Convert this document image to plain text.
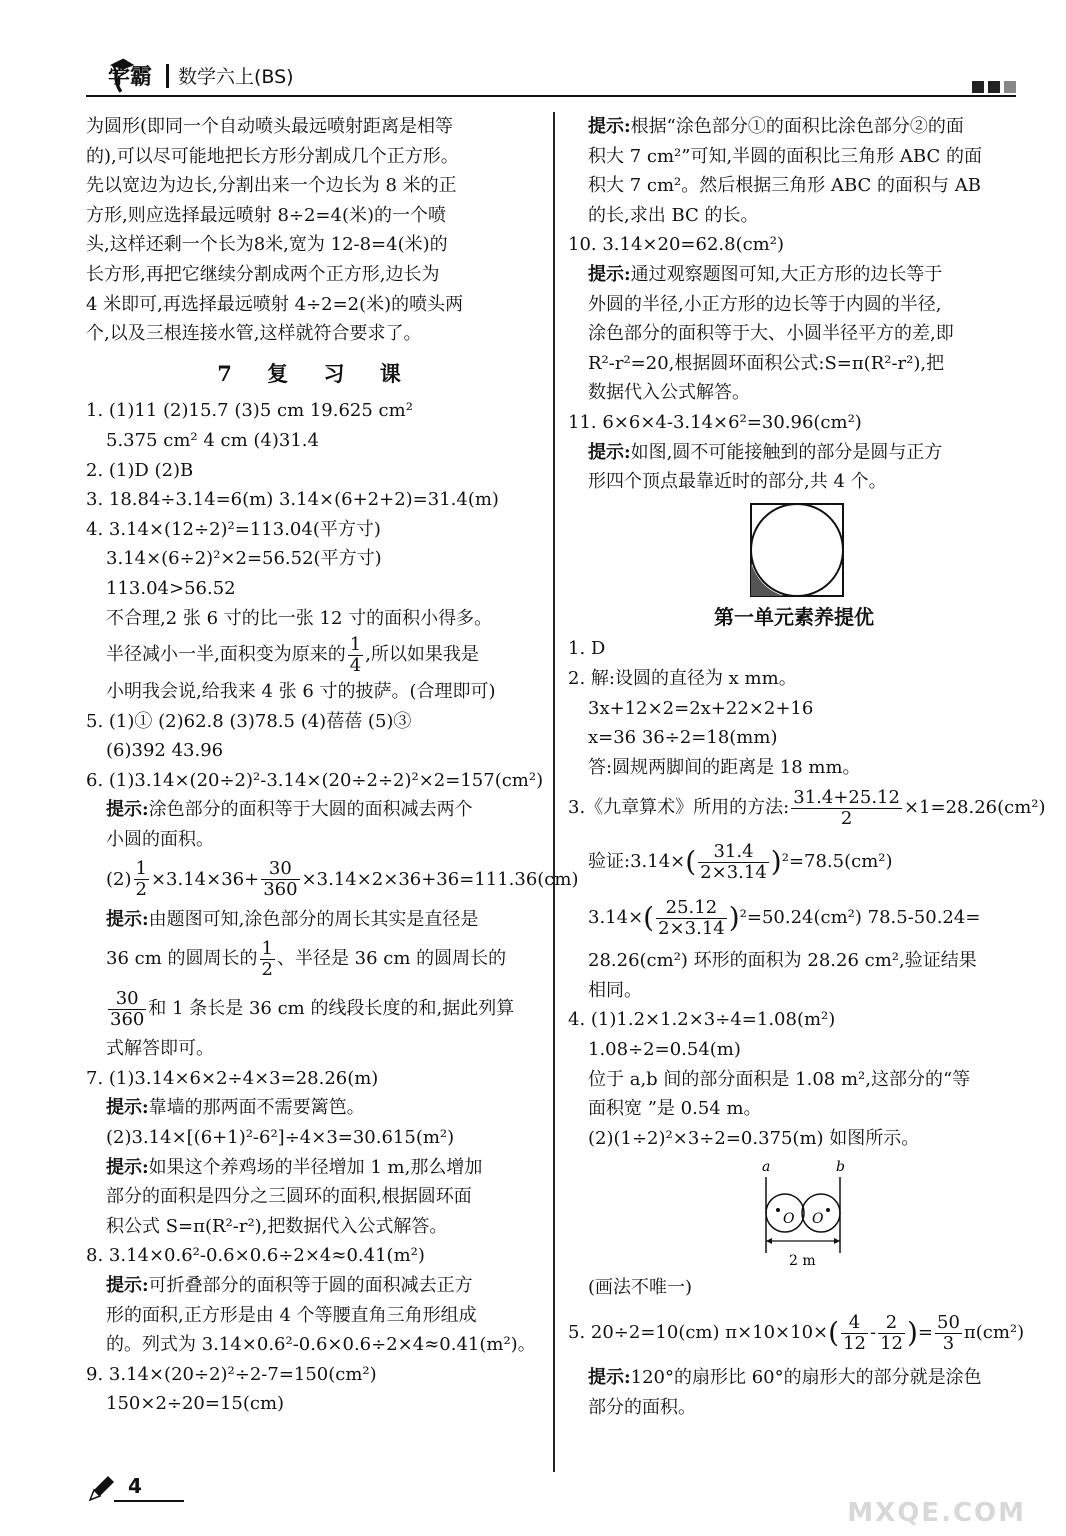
学霸 数学六上(BS)
为圆形(即同一个自动喷头最远喷射距离是相等
的),可以尽可能地把长方形分割成几个正方形。
先以宽边为边长,分割出来一个边长为 8 米的正
方形,则应选择最远喷射 8÷2=4(米)的一个喷
头,这样还剩一个长为8米,宽为 12-8=4(米)的
长方形,再把它继续分割成两个正方形,边长为
4 米即可,再选择最远喷射 4÷2=2(米)的喷头两
个,以及三根连接水管,这样就符合要求了。
7 复 习 课
1. (1)11 (2)15.7 (3)5 cm 19.625 cm²
5.375 cm² 4 cm (4)31.4
2. (1)D (2)B
3. 18.84÷3.14=6(m) 3.14×(6+2+2)=31.4(m)
4. 3.14×(12÷2)²=113.04(平方寸)
3.14×(6÷2)²×2=56.52(平方寸)
113.04>56.52
不合理,2 张 6 寸的比一张 12 寸的面积小得多。
半径减小一半,面积变为原来的 $\frac{1}{4}$ ,所以如果我是
小明我会说,给我来 4 张 6 寸的披萨。(合理即可)
5. (1)① (2)62.8 (3)78.5 (4)蓓蓓 (5)③
(6)392 43.96
6. (1)3.14×(20÷2)²-3.14×(20÷2÷2)²×2=157(cm²)
提示:涂色部分的面积等于大圆的面积减去两个
小圆的面积。
$(2) \frac{1}{2} \times 3.14\times 36+ \frac{30}{360} \times 3.14\times 2\times 36+36=111.36(cm)$
提示:由题图可知,涂色部分的周长其实是直径是
36 cm 的圆周长的 $\frac{1}{2}$ 、半径是 36 cm 的圆周长的
$\frac{30}{360}$ 和 1 条长是 36 cm 的线段长度的和,据此列算
式解答即可。
7. (1)3.14×6×2÷4×3=28.26(m)
提示:靠墙的那两面不需要篱笆。
(2)3.14×[(6+1)²-6²]÷4×3=30.615(m²)
提示:如果这个养鸡场的半径增加 1 m,那么增加
部分的面积是四分之三圆环的面积,根据圆环面
积公式 S=π(R²-r²),把数据代入公式解答。
8. 3.14×0.6²-0.6×0.6÷2×4≈0.41(m²)
提示:可折叠部分的面积等于圆的面积减去正方
形的面积,正方形是由 4 个等腰直角三角形组成
的。列式为 3.14×0.6²-0.6×0.6÷2×4≈0.41(m²)。
9. 3.14×(20÷2)²÷2-7=150(cm²)
150×2÷20=15(cm)
提示:根据“涂色部分①的面积比涂色部分②的面
积大 7 cm²”可知,半圆的面积比三角形 ABC 的面
积大 7 cm²。然后根据三角形 ABC 的面积与 AB
的长,求出 BC 的长。
10. 3.14×20=62.8(cm²)
提示:通过观察题图可知,大正方形的边长等于
外圆的半径,小正方形的边长等于内圆的半径,
涂色部分的面积等于大、小圆半径平方的差,即
R²-r²=20,根据圆环面积公式:S=π(R²-r²),把
数据代入公式解答。
11. 6×6×4-3.14×6²=30.96(cm²)
提示:如图,圆不可能接触到的部分是圆与正方
形四个顶点最靠近时的部分,共 4 个。
第一单元素养提优
1. D
2. 解:设圆的直径为 x mm。
3x+12×2=2x+22×2+16
x=36 36÷2=18(mm)
答:圆规两脚间的距离是 18 mm。
3.《九章算术》所用的方法: $\frac{31.4+25.12}{2} \times 1=28.26(cm^2)$
验证:3.14×( $\frac{31.4}{2\times 3.14} )^2=78.5(cm^2)$
$3.14\times( \frac{25.12}{2\times 3.14} )^2=50.24(cm^2)$ 78.5-50.24=
28.26(cm²) 环形的面积为 28.26 cm²,验证结果
相同。
4. (1)1.2×1.2×3÷4=1.08(m²)
1.08÷2=0.54(m)
位于 a,b 间的部分面积是 1.08 m²,这部分的“等
面积宽 ”是 0.54 m。
(2)(1÷2)²×3÷2=0.375(m) 如图所示。
a	b
O O
2 m
(画法不唯一)
5. 20÷2=10(cm) $\pi\times 10\times 10\times( \frac{4}{12} - \frac{2}{12}$ )= $\frac{50}{3} \pi(cm^2)$
提示:120°的扇形比 60°的扇形大的部分就是涂色
部分的面积。
4
MXQE.COM
